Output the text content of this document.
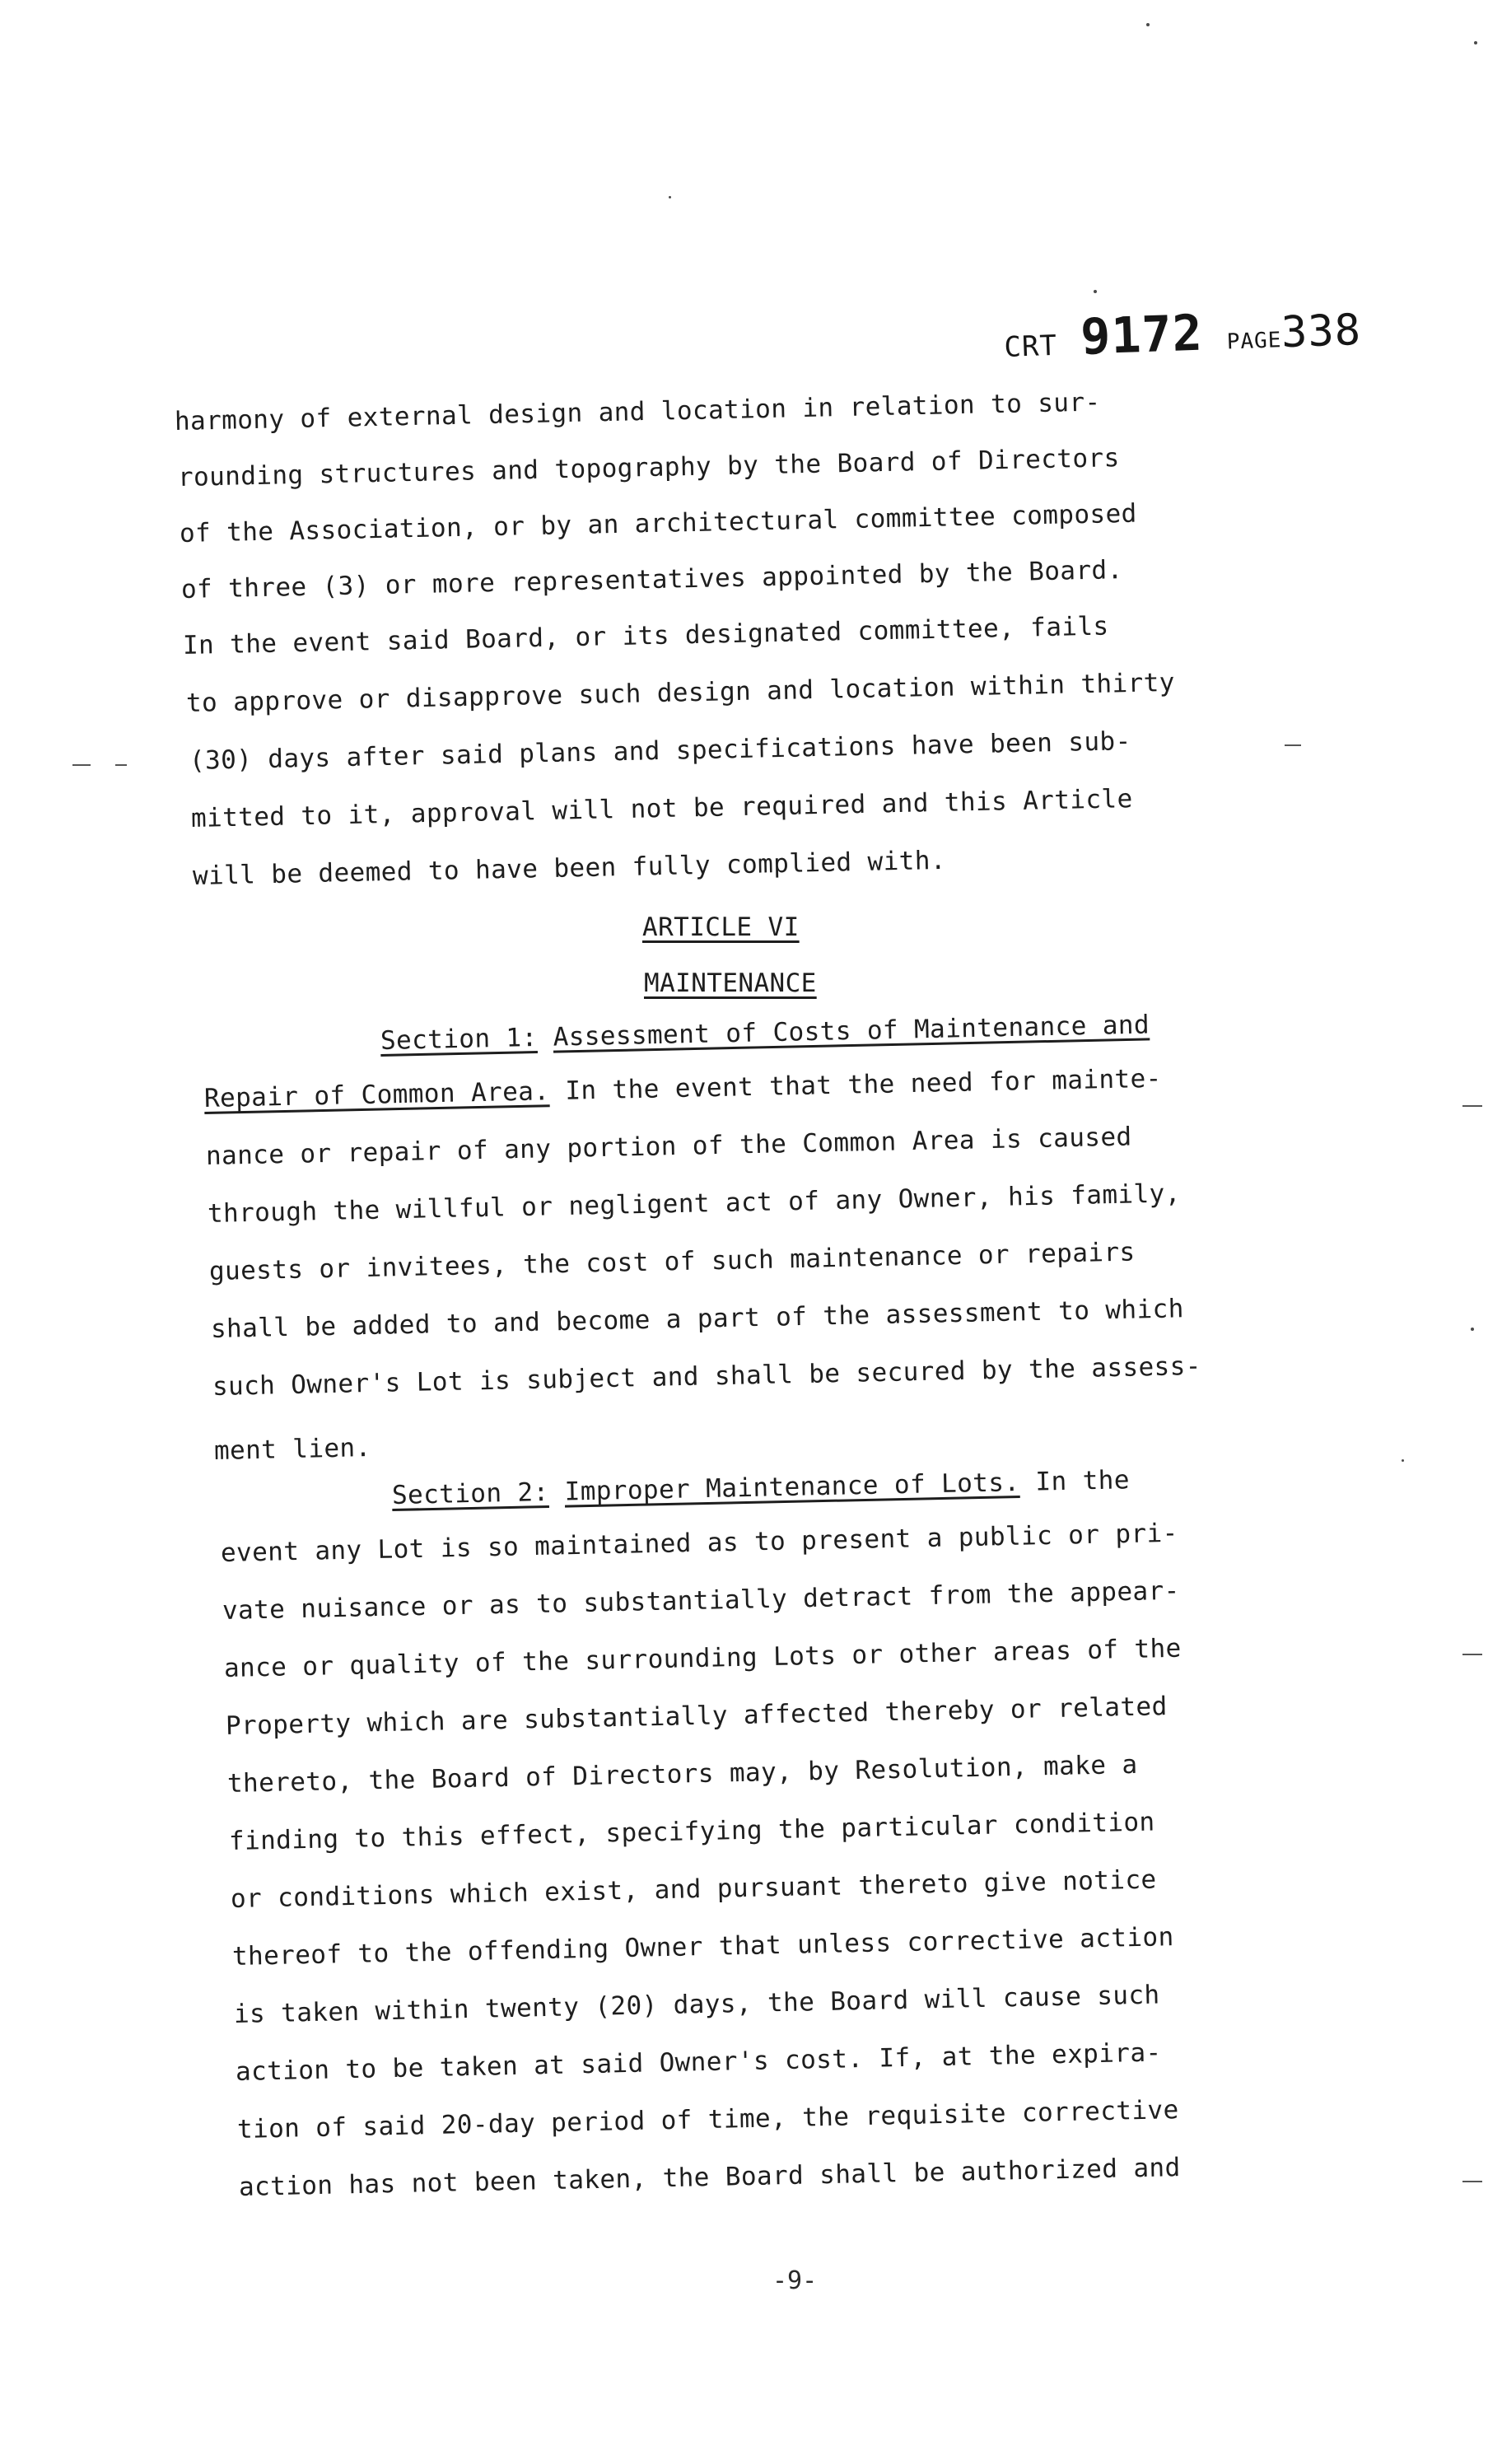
CRT 9172 PAGE338
harmony of external design and location in relation to sur-
rounding structures and topography by the Board of Directors
of the Association, or by an architectural committee composed
of three (3) or more representatives appointed by the Board.
In the event said Board, or its designated committee, fails
to approve or disapprove such design and location within thirty
(30) days after said plans and specifications have been sub-
mitted to it, approval will not be required and this Article
will be deemed to have been fully complied with.
ARTICLE VI
MAINTENANCE
Section 1: Assessment of Costs of Maintenance and
Repair of Common Area. In the event that the need for mainte-
nance or repair of any portion of the Common Area is caused
through the willful or negligent act of any Owner, his family,
guests or invitees, the cost of such maintenance or repairs
shall be added to and become a part of the assessment to which
such Owner's Lot is subject and shall be secured by the assess-
ment lien.
Section 2: Improper Maintenance of Lots. In the
event any Lot is so maintained as to present a public or pri-
vate nuisance or as to substantially detract from the appear-
ance or quality of the surrounding Lots or other areas of the
Property which are substantially affected thereby or related
thereto, the Board of Directors may, by Resolution, make a
finding to this effect, specifying the particular condition
or conditions which exist, and pursuant thereto give notice
thereof to the offending Owner that unless corrective action
is taken within twenty (20) days, the Board will cause such
action to be taken at said Owner's cost. If, at the expira-
tion of said 20-day period of time, the requisite corrective
action has not been taken, the Board shall be authorized and
-9-
